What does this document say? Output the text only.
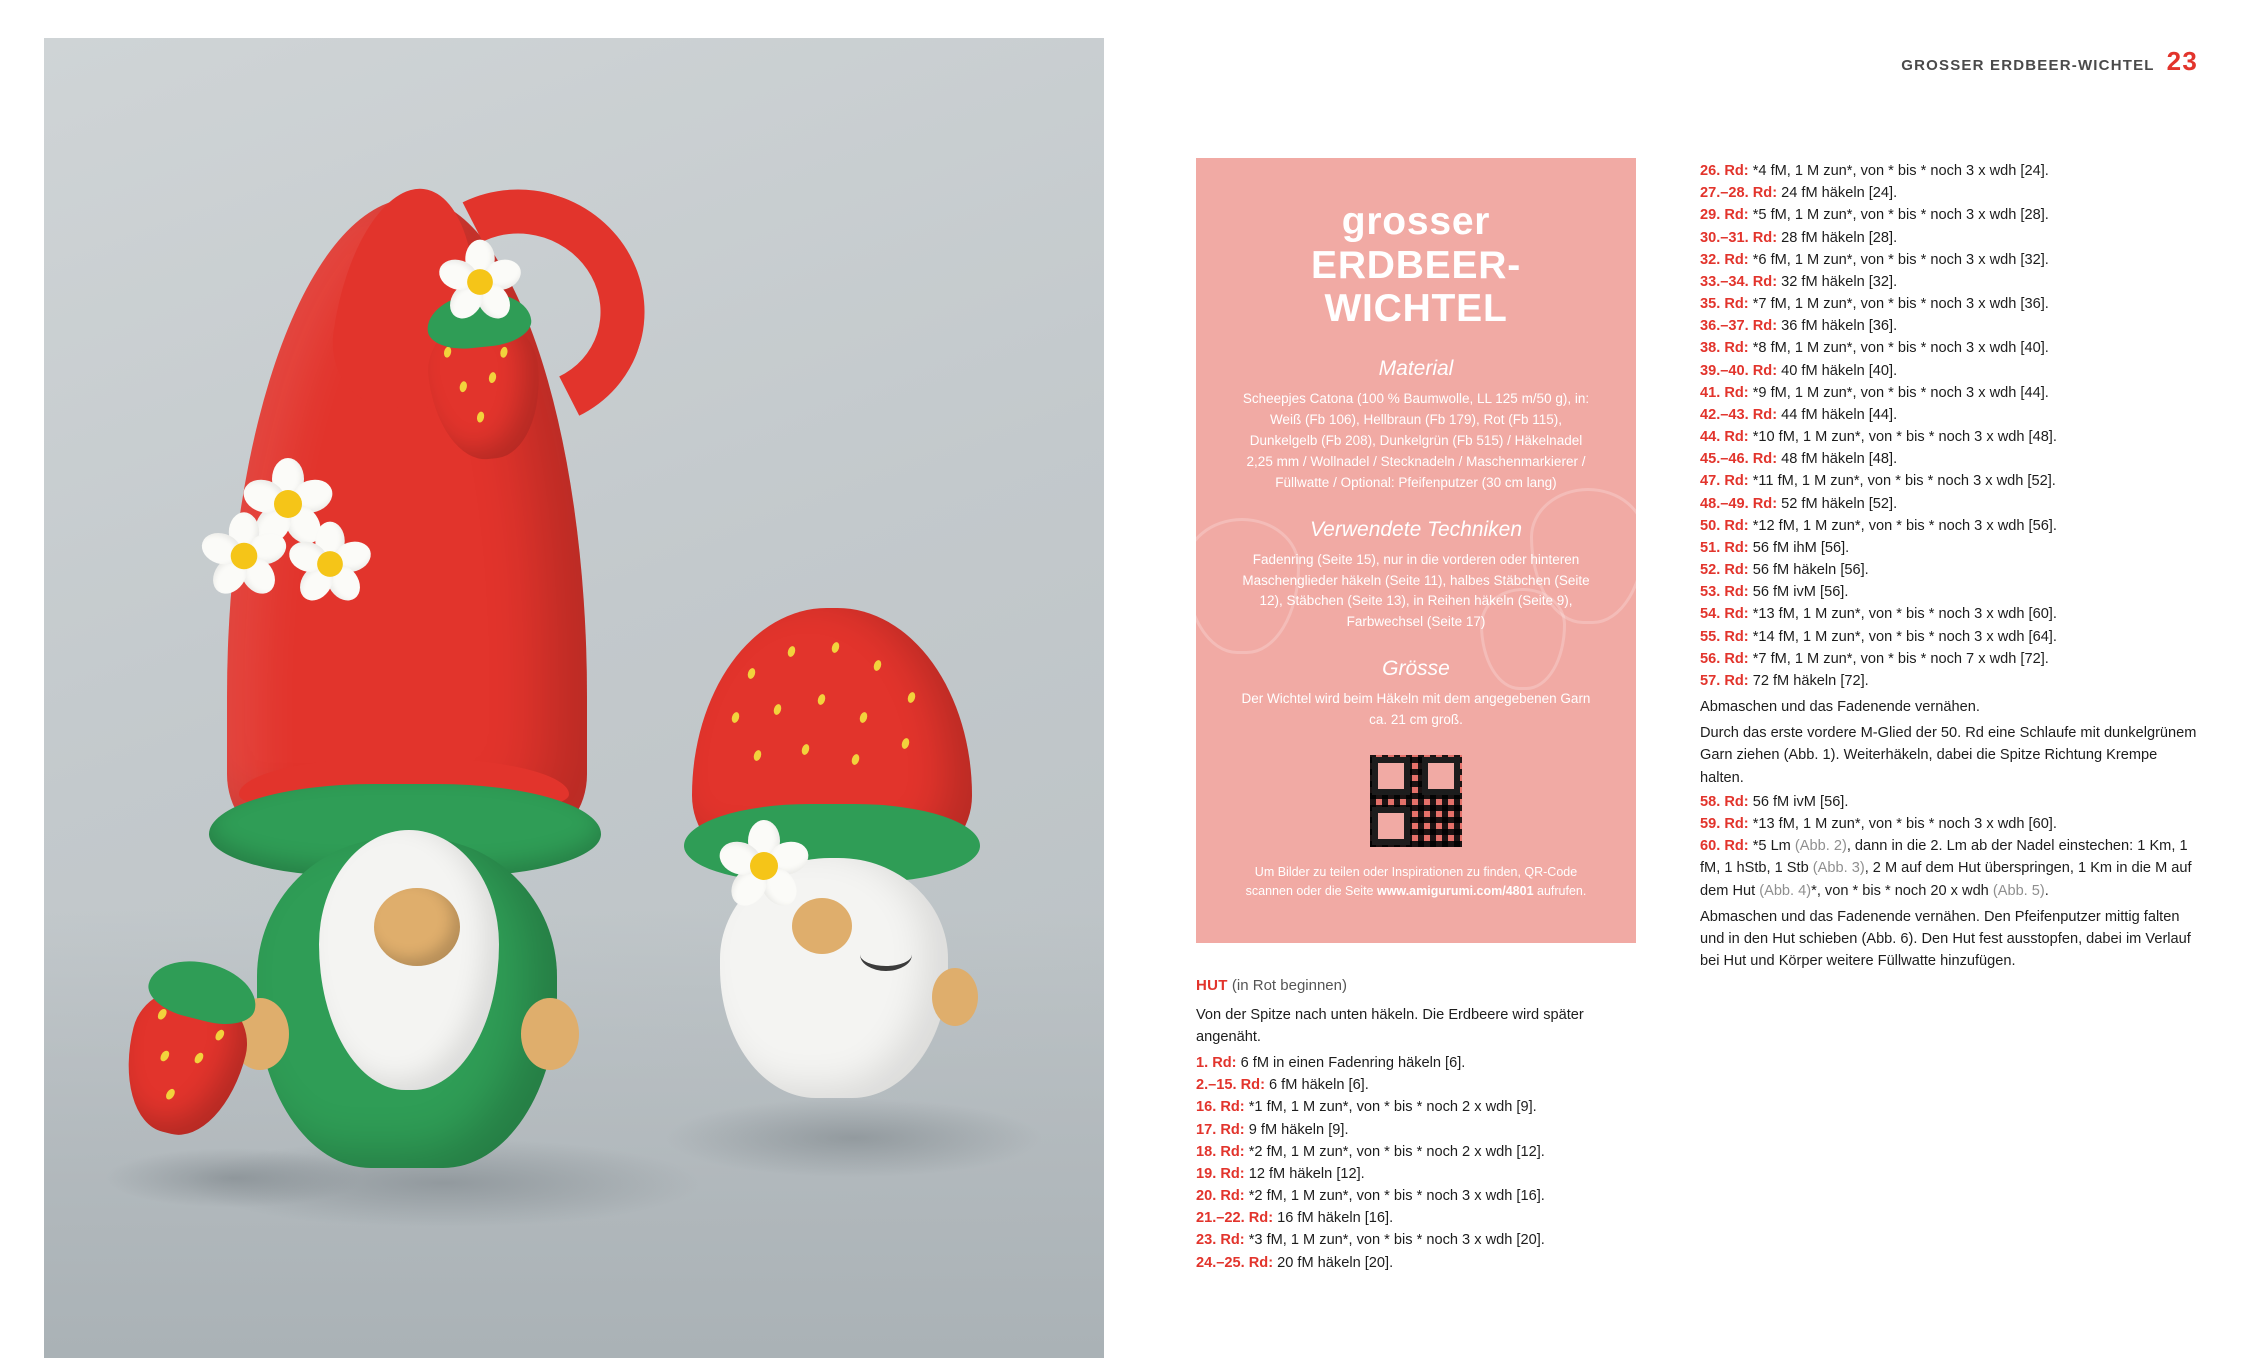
GROSSER ERDBEER-WICHTEL 23
grosser
ERDBEER-WICHTEL
Material

Scheepjes Catona (100 % Baumwolle, LL 125 m/50 g), in: Weiß (Fb 106), Hellbraun (Fb 179), Rot (Fb 115), Dunkelgelb (Fb 208), Dunkelgrün (Fb 515) / Häkelnadel 2,25 mm / Wollnadel / Stecknadeln / Maschenmarkierer / Füllwatte / Optional: Pfeifenputzer (30 cm lang)

Verwendete Techniken

Fadenring (Seite 15), nur in die vorderen oder hinteren Maschenglieder häkeln (Seite 11), halbes Stäbchen (Seite 12), Stäbchen (Seite 13), in Reihen häkeln (Seite 9), Farbwechsel (Seite 17)

Grösse

Der Wichtel wird beim Häkeln mit dem angegebenen Garn ca. 21 cm groß.

Um Bilder zu teilen oder Inspirationen zu finden, QR-Code scannen oder die Seite www.amigurumi.com/4801 aufrufen.

HUT (in Rot beginnen)

Von der Spitze nach unten häkeln. Die Erdbeere wird später angenäht.

1. Rd: 6 fM in einen Fadenring häkeln [6].
2.–15. Rd: 6 fM häkeln [6].
16. Rd: *1 fM, 1 M zun*, von * bis * noch 2 x wdh [9].
17. Rd: 9 fM häkeln [9].
18. Rd: *2 fM, 1 M zun*, von * bis * noch 2 x wdh [12].
19. Rd: 12 fM häkeln [12].
20. Rd: *2 fM, 1 M zun*, von * bis * noch 3 x wdh [16].
21.–22. Rd: 16 fM häkeln [16].
23. Rd: *3 fM, 1 M zun*, von * bis * noch 3 x wdh [20].
24.–25. Rd: 20 fM häkeln [20].
26. Rd: *4 fM, 1 M zun*, von * bis * noch 3 x wdh [24].
27.–28. Rd: 24 fM häkeln [24].
29. Rd: *5 fM, 1 M zun*, von * bis * noch 3 x wdh [28].
30.–31. Rd: 28 fM häkeln [28].
32. Rd: *6 fM, 1 M zun*, von * bis * noch 3 x wdh [32].
33.–34. Rd: 32 fM häkeln [32].
35. Rd: *7 fM, 1 M zun*, von * bis * noch 3 x wdh [36].
36.–37. Rd: 36 fM häkeln [36].
38. Rd: *8 fM, 1 M zun*, von * bis * noch 3 x wdh [40].
39.–40. Rd: 40 fM häkeln [40].
41. Rd: *9 fM, 1 M zun*, von * bis * noch 3 x wdh [44].
42.–43. Rd: 44 fM häkeln [44].
44. Rd: *10 fM, 1 M zun*, von * bis * noch 3 x wdh [48].
45.–46. Rd: 48 fM häkeln [48].
47. Rd: *11 fM, 1 M zun*, von * bis * noch 3 x wdh [52].
48.–49. Rd: 52 fM häkeln [52].
50. Rd: *12 fM, 1 M zun*, von * bis * noch 3 x wdh [56].
51. Rd: 56 fM ihM [56].
52. Rd: 56 fM häkeln [56].
53. Rd: 56 fM ivM [56].
54. Rd: *13 fM, 1 M zun*, von * bis * noch 3 x wdh [60].
55. Rd: *14 fM, 1 M zun*, von * bis * noch 3 x wdh [64].
56. Rd: *7 fM, 1 M zun*, von * bis * noch 7 x wdh [72].
57. Rd: 72 fM häkeln [72].

Abmaschen und das Fadenende vernähen.

Durch das erste vordere M-Glied der 50. Rd eine Schlaufe mit dunkelgrünem Garn ziehen (Abb. 1). Weiterhäkeln, dabei die Spitze Richtung Krempe halten.

58. Rd: 56 fM ivM [56].
59. Rd: *13 fM, 1 M zun*, von * bis * noch 3 x wdh [60].
60. Rd: *5 Lm (Abb. 2), dann in die 2. Lm ab der Nadel einstechen: 1 Km, 1 fM, 1 hStb, 1 Stb (Abb. 3), 2 M auf dem Hut überspringen, 1 Km in die M auf dem Hut (Abb. 4)*, von * bis * noch 20 x wdh (Abb. 5).

Abmaschen und das Fadenende vernähen. Den Pfeifenputzer mittig falten und in den Hut schieben (Abb. 6). Den Hut fest ausstopfen, dabei im Verlauf bei Hut und Körper weitere Füllwatte hinzufügen.
